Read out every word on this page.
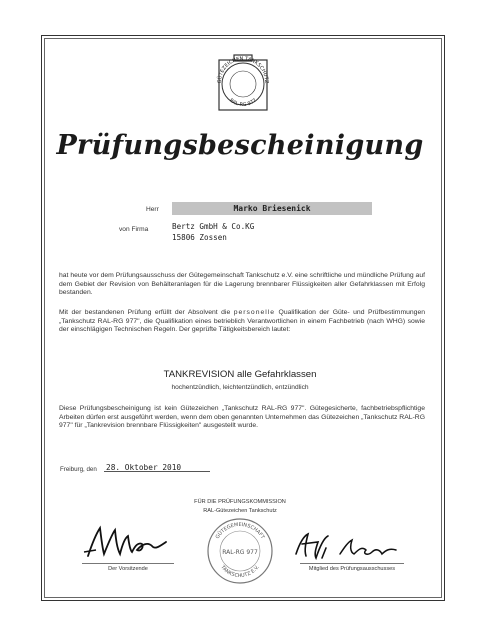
GÜTEZEICHEN TANKSCHUTZ
RAL-RG 977
Prüfungsbescheinigung
Herr	Marko Briesenick
von Firma	Bertz GmbH & Co.KG
15806 Zossen
hat heute vor dem Prüfungsausschuss der Gütegemeinschaft Tankschutz e.V. eine schriftliche und mündliche Prüfung auf dem Gebiet der Revision von Behälteranlagen für die Lagerung brennbarer Flüssigkeiten aller Gefahrklassen mit Erfolg bestanden.
Mit der bestandenen Prüfung erfüllt der Absolvent die personelle Qualifikation der Güte- und Prüfbestimmungen „Tankschutz RAL-RG 977", die Qualifikation eines betrieblich Verantwortlichen in einem Fachbetrieb (nach WHG) sowie der einschlägigen Technischen Regeln. Der geprüfte Tätigkeitsbereich lautet:
TANKREVISION alle Gefahrklassen
hochentzündlich, leichtentzündlich, entzündlich
Diese Prüfungsbescheinigung ist kein Gütezeichen „Tankschutz RAL-RG 977". Gütegesicherte, fachbetriebspflichtige Arbeiten dürfen erst ausgeführt werden, wenn dem oben genannten Unternehmen das Gütezeichen „Tankschutz RAL-RG 977" für „Tankrevision brennbare Flüssigkeiten" ausgestellt wurde.
Freiburg, den 28. Oktober 2010
FÜR DIE PRÜFUNGSKOMMISSION
RAL-Gütezeichen Tankschutz
Der Vorsitzende
GÜTEGEMEINSCHAFT
RAL-RG 977
TANKSCHUTZ E.V.	Mitglied des Prüfungsausschusses
